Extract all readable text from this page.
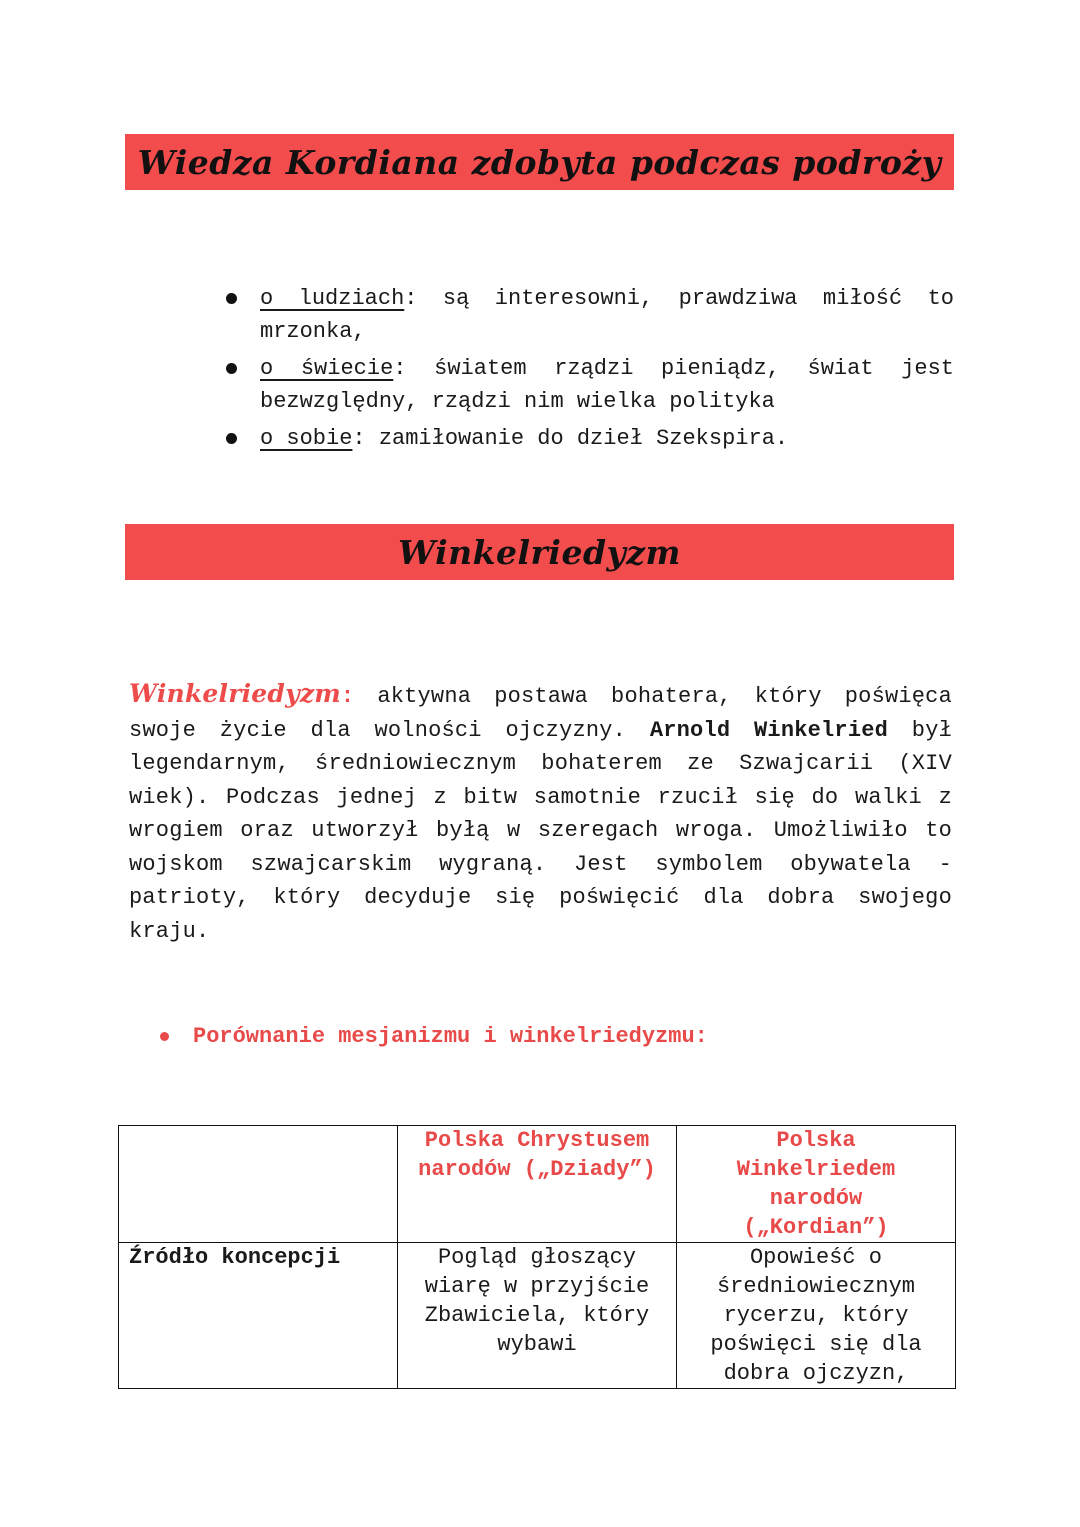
Wiedza Kordiana zdobyta podczas podroży
o ludziach: są interesowni, prawdziwa miłość to mrzonka,
o świecie: światem rządzi pieniądz, świat jest bezwzględny, rządzi nim wielka polityka
o sobie: zamiłowanie do dzieł Szekspira.
Winkelriedyzm
Winkelriedyzm: aktywna postawa bohatera, który poświęca swoje życie dla wolności ojczyzny. Arnold Winkelried był legendarnym, średniowiecznym bohaterem ze Szwajcarii (XIV wiek). Podczas jednej z bitw samotnie rzucił się do walki z wrogiem oraz utworzył byłą w szeregach wroga. Umożliwiło to wojskom szwajcarskim wygraną. Jest symbolem obywatela - patrioty, który decyduje się poświęcić dla dobra swojego kraju.
Porównanie mesjanizmu i winkelriedyzmu:
	Polska Chrystusem narodów („Dziady”)	Polska Winkelriedem narodów („Kordian”)
Źródło koncepcji	Pogląd głoszący wiarę w przyjście Zbawiciela, który wybawi	Opowieść o średniowiecznym rycerzu, który poświęci się dla dobra ojczyzn,
